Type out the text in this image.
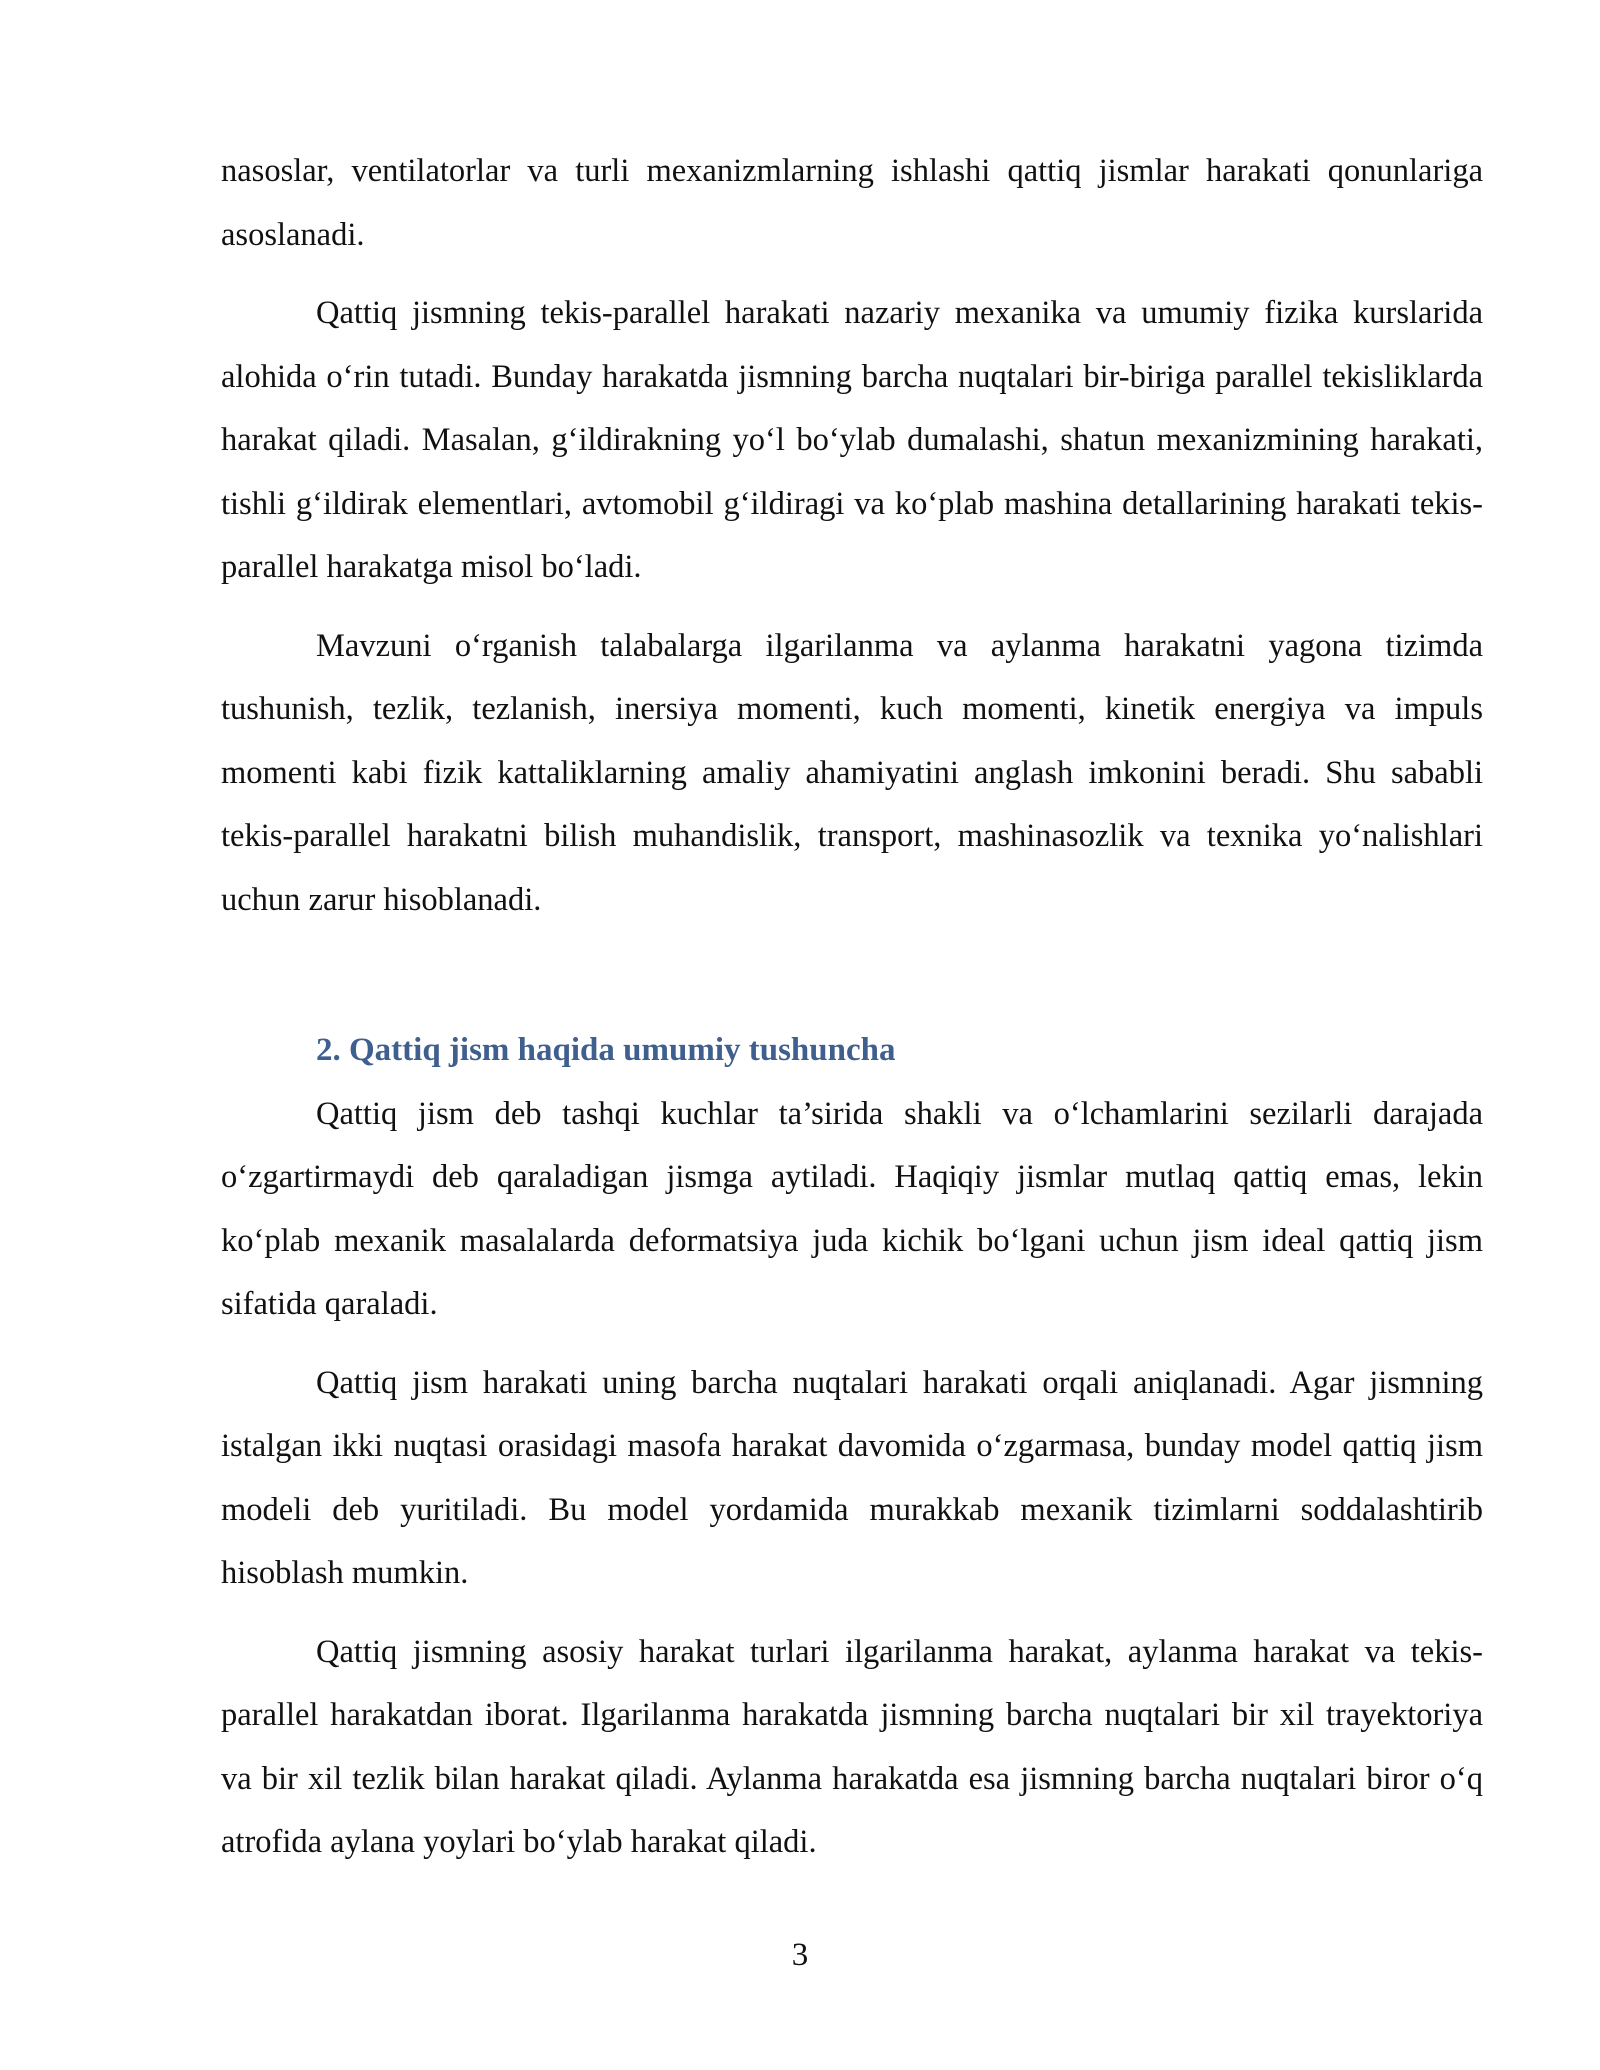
nasoslar, ventilatorlar va turli mexanizmlarning ishlashi qattiq jismlar harakati qonunlariga asoslanadi.

Qattiq jismning tekis-parallel harakati nazariy mexanika va umumiy fizika kurslarida alohida o‘rin tutadi. Bunday harakatda jismning barcha nuqtalari bir-biriga parallel tekisliklarda harakat qiladi. Masalan, g‘ildirakning yo‘l bo‘ylab dumalashi, shatun mexanizmining harakati, tishli g‘ildirak elementlari, avtomobil g‘ildiragi va ko‘plab mashina detallarining harakati tekis-parallel harakatga misol bo‘ladi.

Mavzuni o‘rganish talabalarga ilgarilanma va aylanma harakatni yagona tizimda tushunish, tezlik, tezlanish, inersiya momenti, kuch momenti, kinetik energiya va impuls momenti kabi fizik kattaliklarning amaliy ahamiyatini anglash imkonini beradi. Shu sababli tekis-parallel harakatni bilish muhandislik, transport, mashinasozlik va texnika yo‘nalishlari uchun zarur hisoblanadi.

2. Qattiq jism haqida umumiy tushuncha

Qattiq jism deb tashqi kuchlar ta’sirida shakli va o‘lchamlarini sezilarli darajada o‘zgartirmaydi deb qaraladigan jismga aytiladi. Haqiqiy jismlar mutlaq qattiq emas, lekin ko‘plab mexanik masalalarda deformatsiya juda kichik bo‘lgani uchun jism ideal qattiq jism sifatida qaraladi.

Qattiq jism harakati uning barcha nuqtalari harakati orqali aniqlanadi. Agar jismning istalgan ikki nuqtasi orasidagi masofa harakat davomida o‘zgarmasa, bunday model qattiq jism modeli deb yuritiladi. Bu model yordamida murakkab mexanik tizimlarni soddalashtirib hisoblash mumkin.

Qattiq jismning asosiy harakat turlari ilgarilanma harakat, aylanma harakat va tekis-parallel harakatdan iborat. Ilgarilanma harakatda jismning barcha nuqtalari bir xil trayektoriya va bir xil tezlik bilan harakat qiladi. Aylanma harakatda esa jismning barcha nuqtalari biror o‘q atrofida aylana yoylari bo‘ylab harakat qiladi.

3
